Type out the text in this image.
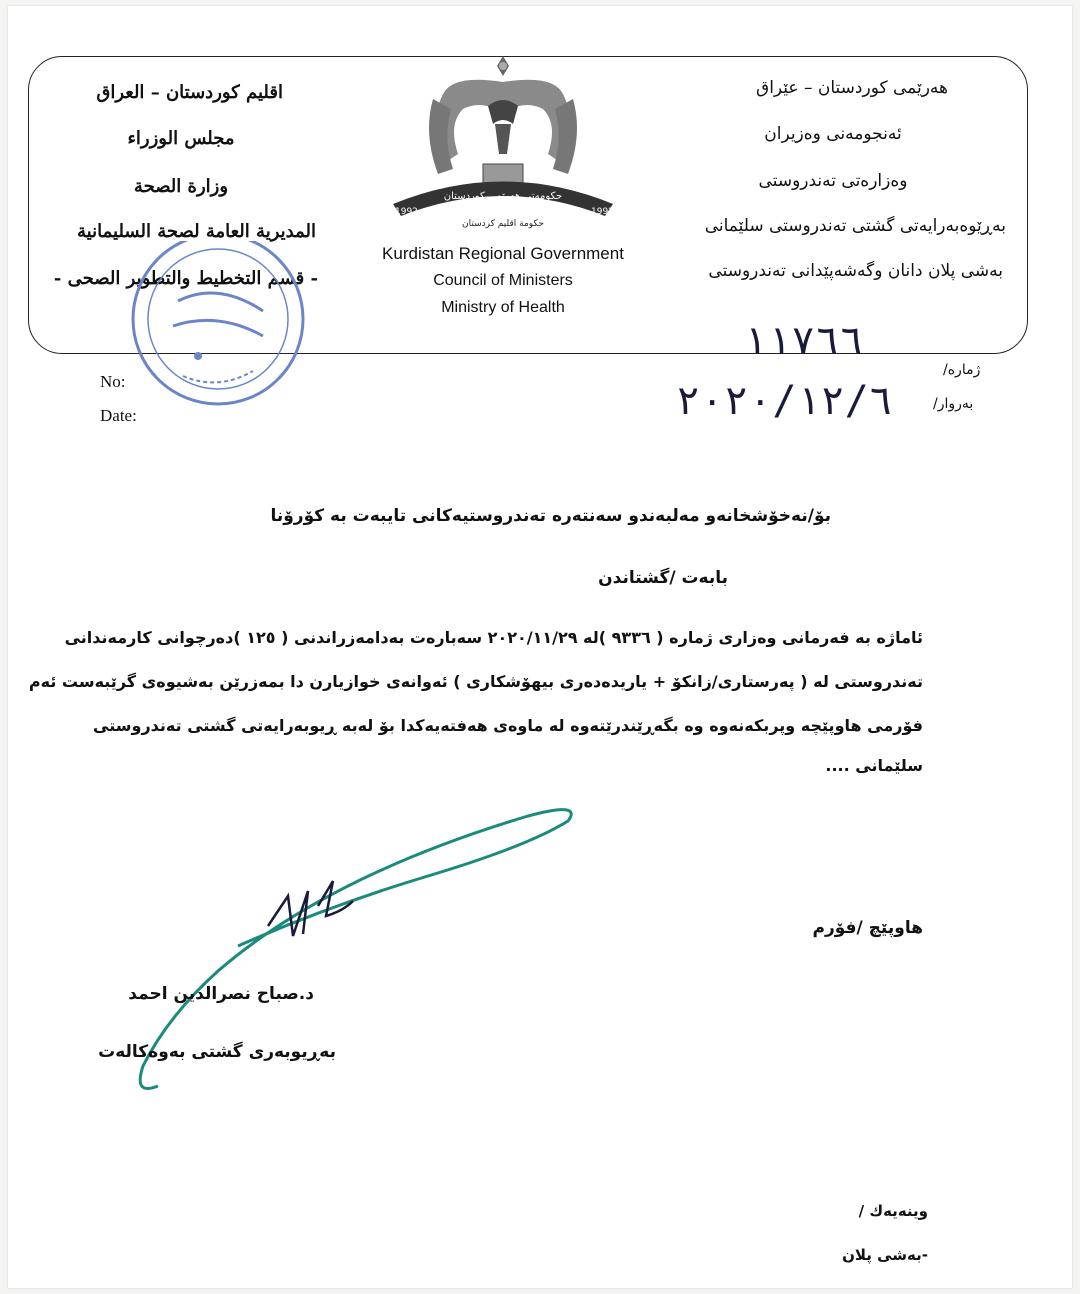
اقليم كوردستان – العراق
مجلس الوزراء
وزارة الصحة
المديرية العامة لصحة السليمانية
- قسم التخطيط والتطوير الصحى -
هەرێمی كوردستان – عێراق
ئەنجومەنی وەزیران
وەزارەتی تەندروستی
بەڕێوەبەرایەتی گشتی تەندروستی سلێمانی
بەشی پلان دانان وگەشەپێدانی تەندروستی
1992	1992
حكومەتی هەرێمی كوردستان
حكومة اقليم كردستان
Kurdistan Regional Government
Council of Ministers
Ministry of Health
No:
Date:
ژمارە/
بەروار/
١١٧٦٦
٢٠٢٠/١٢/٦
بۆ/نەخۆشخانەو مەلبەندو سەنتەرە تەندروستیەكانی تایبەت بە كۆرۆنا
بابەت /گشتاندن
ئاماژە بە فەرمانی وەزاری ژمارە ( ٩٣٣٦ )لە ٢٠٢٠/١١/٢٩ سەبارەت بەدامەزراندنی ( ١٢٥ )دەرچوانی كارمەندانی
تەندروستی لە ( پەرستاری/زانكۆ + یاریدەدەری بیهۆشكاری ) ئەوانەی خوازیارن دا بمەزرێن بەشیوەی گرێبەست ئەم
فۆرمی هاوپێچە وپربكەنەوە وە بگەڕێندرێتەوە لە ماوەی هەفتەیەكدا بۆ لەبە ڕیوبەرایەتی گشتی تەندروستی
سلێمانی ....
هاوپێچ /فۆرم
د.صباح نصرالدين احمد
بەڕیوبەری گشتی بەوەكالەت
وینەیەك /
-بەشی پلان
